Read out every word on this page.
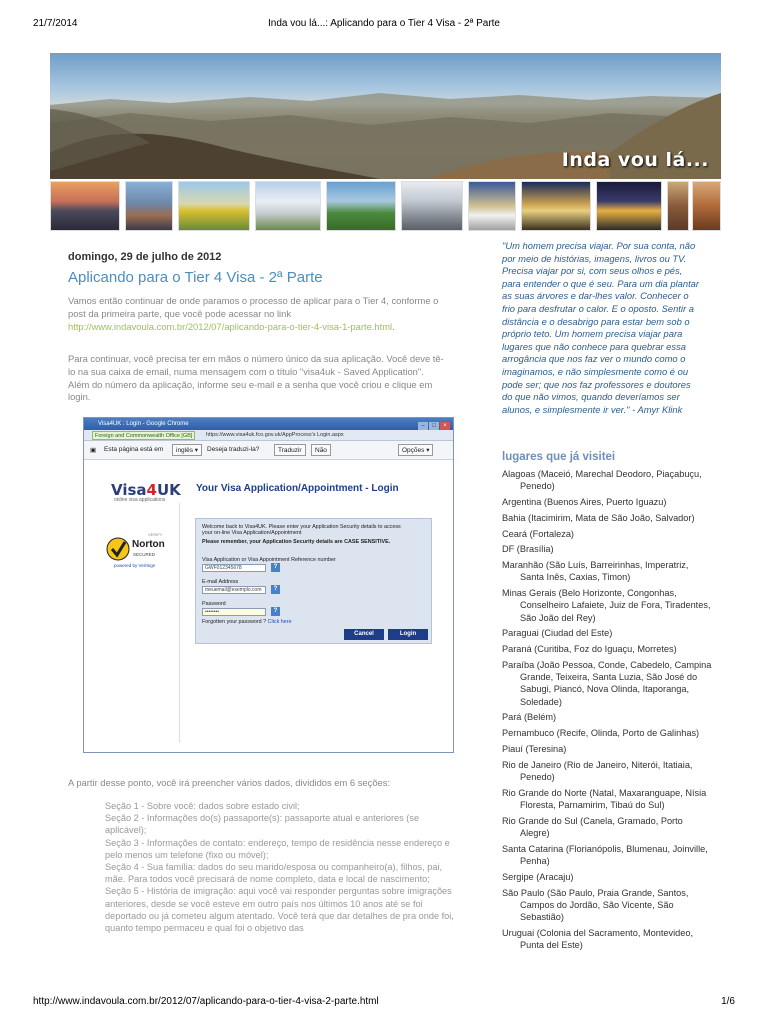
21/7/2014	Inda vou lá...: Aplicando para o Tier 4 Visa - 2ª Parte
Inda vou lá...
domingo, 29 de julho de 2012
Aplicando para o Tier 4 Visa - 2ª Parte
Vamos então continuar de onde paramos o processo de aplicar para o Tier 4, conforme o post da primeira parte, que você pode acessar no link http://www.indavoula.com.br/2012/07/aplicando-para-o-tier-4-visa-1-parte.html.
Para continuar, você precisa ter em mãos o número único da sua aplicação. Você deve tê-lo na sua caixa de email, numa mensagem com o título "visa4uk - Saved Application". Além do número da aplicação, informe seu e-mail e a senha que você criou e clique em login.
Visa4UK : Login - Google Chrome	– □ ×
Foreign and Commonwealth Office [GB]	https://www.visa4uk.fco.gov.uk/AppProcess's Login.aspx
▣ Esta página está em	inglês ▾	Deseja traduzi-la?	Traduzir	Não	Opções ▾
Visa4UK
online visa applications
Your Visa Application/Appointment - Login
VERIFY
Norton
SECURED
powered by VeriSign
Welcome back to Visa4UK. Please enter your Application Security details to access your on-line Visa Application/Appointment
Please remember, your Application Security details are CASE SENSITIVE.
Visa Application or Visa Appointment Reference number
GWF012345678	?
E-mail Address
meuemail@exemplo.com	?
Password
••••••••	?
Forgotten your password ? Click here
Cancel	Login
A partir desse ponto, você irá preencher vários dados, divididos em 6 seções:
Seção 1 - Sobre você: dados sobre estado civil;
Seção 2 - Informações do(s) passaporte(s): passaporte atual e anteriores (se aplicável);
Seção 3 - Informações de contato: endereço, tempo de residência nesse endereço e pelo menos um telefone (fixo ou móvel);
Seção 4 - Sua família: dados do seu marido/esposa ou companheiro(a), filhos, pai, mãe. Para todos você precisará de nome completo, data e local de nascimento;
Seção 5 - História de imigração: aqui você vai responder perguntas sobre imigrações anteriores, desde se você esteve em outro país nos últimos 10 anos até se foi deportado ou já cometeu algum atentado. Você terá que dar detalhes de pra onde foi, quanto tempo permaceu e qual foi o objetivo das
"Um homem precisa viajar. Por sua conta, não por meio de histórias, imagens, livros ou TV. Precisa viajar por si, com seus olhos e pés, para entender o que é seu. Para um dia plantar as suas árvores e dar-lhes valor. Conhecer o frio para desfrutar o calor. E o oposto. Sentir a distância e o desabrigo para estar bem sob o próprio teto. Um homem precisa viajar para lugares que não conhece para quebrar essa arrogância que nos faz ver o mundo como o imaginamos, e não simplesmente como é ou pode ser; que nos faz professores e doutores do que não vimos, quando deveríamos ser alunos, e simplesmente ir ver." - Amyr Klink
lugares que já visitei
Alagoas (Maceió, Marechal Deodoro, Piaçabuçu, Penedo)
Argentina (Buenos Aires, Puerto Iguazu)
Bahia (Itacimirim, Mata de São João, Salvador)
Ceará (Fortaleza)
DF (Brasília)
Maranhão (São Luís, Barreirinhas, Imperatriz, Santa Inês, Caxias, Timon)
Minas Gerais (Belo Horizonte, Congonhas, Conselheiro Lafaiete, Juiz de Fora, Tiradentes, São João del Rey)
Paraguai (Ciudad del Este)
Paraná (Curitiba, Foz do Iguaçu, Morretes)
Paraíba (João Pessoa, Conde, Cabedelo, Campina Grande, Teixeira, Santa Luzia, São José do Sabugi, Piancó, Nova Olinda, Itaporanga, Soledade)
Pará (Belém)
Pernambuco (Recife, Olinda, Porto de Galinhas)
Piauí (Teresina)
Rio de Janeiro (Rio de Janeiro, Niterói, Itatiaia, Penedo)
Rio Grande do Norte (Natal, Maxaranguape, Nísia Floresta, Parnamirim, Tibaú do Sul)
Rio Grande do Sul (Canela, Gramado, Porto Alegre)
Santa Catarina (Florianópolis, Blumenau, Joinville, Penha)
Sergipe (Aracaju)
São Paulo (São Paulo, Praia Grande, Santos, Campos do Jordão, São Vicente, São Sebastião)
Uruguai (Colonia del Sacramento, Montevideo, Punta del Este)
http://www.indavoula.com.br/2012/07/aplicando-para-o-tier-4-visa-2-parte.html	1/6
